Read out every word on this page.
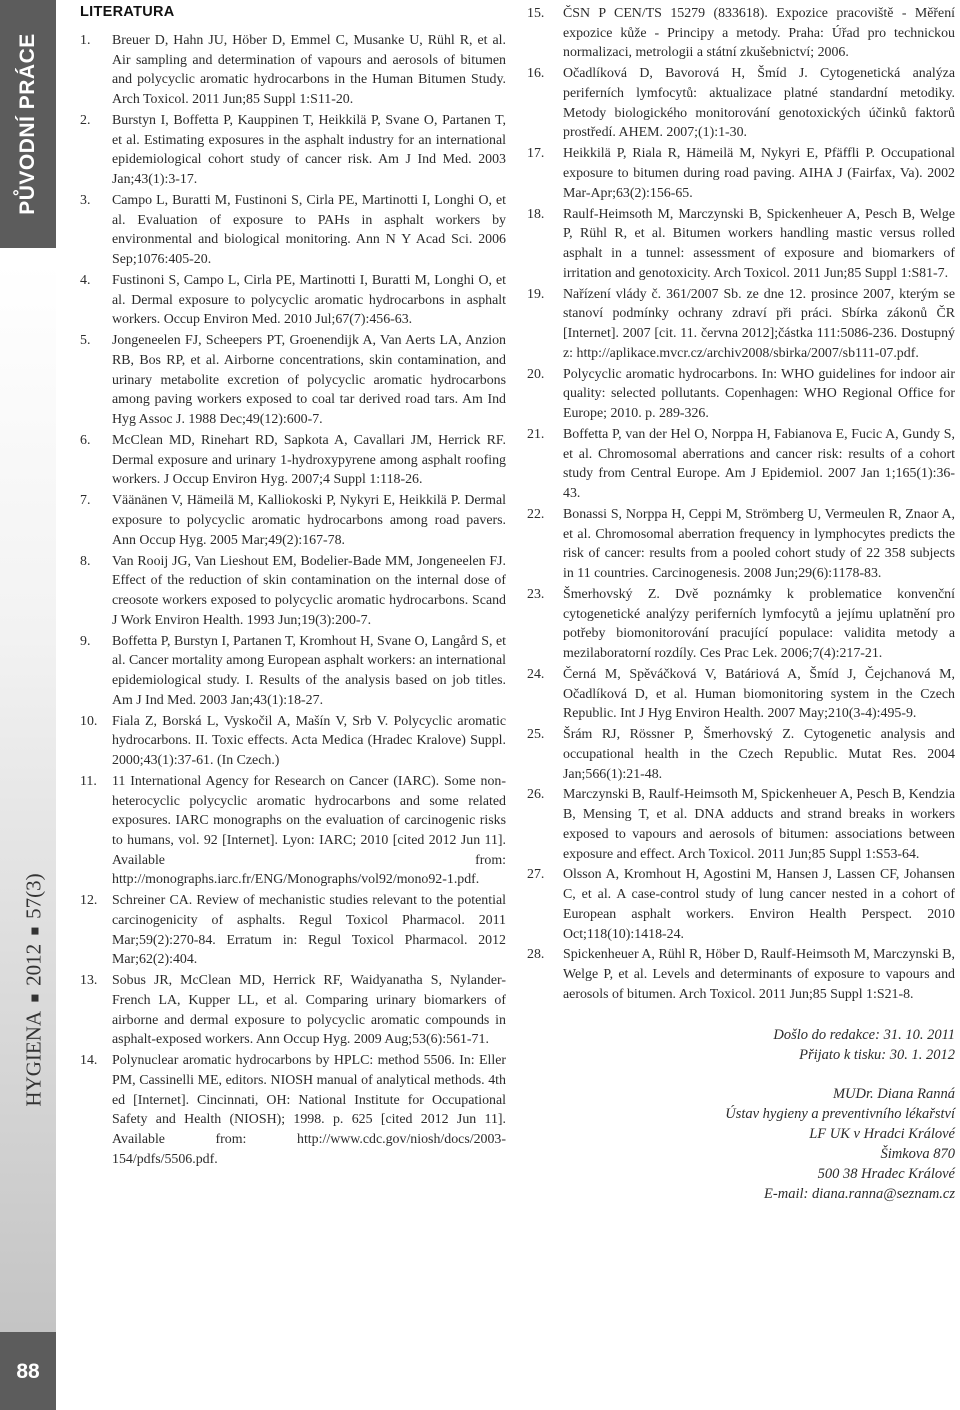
PŮVODNÍ PRÁCE
HYGIENA201257(3)
88
LITERATURA
1. Breuer D, Hahn JU, Höber D, Emmel C, Musanke U, Rühl R, et al. Air sampling and determination of vapours and aerosols of bitumen and polycyclic aromatic hydrocarbons in the Human Bitumen Study. Arch Toxicol. 2011 Jun;85 Suppl 1:S11-20.
2. Burstyn I, Boffetta P, Kauppinen T, Heikkilä P, Svane O, Partanen T, et al. Estimating exposures in the asphalt industry for an international epidemiological cohort study of cancer risk. Am J Ind Med. 2003 Jan;43(1):3-17.
3. Campo L, Buratti M, Fustinoni S, Cirla PE, Martinotti I, Longhi O, et al. Evaluation of exposure to PAHs in asphalt workers by environmental and biological monitoring. Ann N Y Acad Sci. 2006 Sep;1076:405-20.
4. Fustinoni S, Campo L, Cirla PE, Martinotti I, Buratti M, Longhi O, et al. Dermal exposure to polycyclic aromatic hydrocarbons in asphalt workers. Occup Environ Med. 2010 Jul;67(7):456-63.
5. Jongeneelen FJ, Scheepers PT, Groenendijk A, Van Aerts LA, Anzion RB, Bos RP, et al. Airborne concentrations, skin contamination, and urinary metabolite excretion of polycyclic aromatic hydrocarbons among paving workers exposed to coal tar derived road tars. Am Ind Hyg Assoc J. 1988 Dec;49(12):600-7.
6. McClean MD, Rinehart RD, Sapkota A, Cavallari JM, Herrick RF. Dermal exposure and urinary 1-hydroxypyrene among asphalt roofing workers. J Occup Environ Hyg. 2007;4 Suppl 1:118-26.
7. Väänänen V, Hämeilä M, Kalliokoski P, Nykyri E, Heikkilä P. Dermal exposure to polycyclic aromatic hydrocarbons among road pavers. Ann Occup Hyg. 2005 Mar;49(2):167-78.
8. Van Rooij JG, Van Lieshout EM, Bodelier-Bade MM, Jongeneelen FJ. Effect of the reduction of skin contamination on the internal dose of creosote workers exposed to polycyclic aromatic hydrocarbons. Scand J Work Environ Health. 1993 Jun;19(3):200-7.
9. Boffetta P, Burstyn I, Partanen T, Kromhout H, Svane O, Langård S, et al. Cancer mortality among European asphalt workers: an international epidemiological study. I. Results of the analysis based on job titles. Am J Ind Med. 2003 Jan;43(1):18-27.
10. Fiala Z, Borská L, Vyskočil A, Mašín V, Srb V. Polycyclic aromatic hydrocarbons. II. Toxic effects. Acta Medica (Hradec Kralove) Suppl. 2000;43(1):37-61. (In Czech.)
11. 11 International Agency for Research on Cancer (IARC). Some non-heterocyclic polycyclic aromatic hydrocarbons and some related exposures. IARC monographs on the evaluation of carcinogenic risks to humans, vol. 92 [Internet]. Lyon: IARC; 2010 [cited 2012 Jun 11]. Available from: http://monographs.iarc.fr/ENG/Monographs/vol92/mono92-1.pdf.
12. Schreiner CA. Review of mechanistic studies relevant to the potential carcinogenicity of asphalts. Regul Toxicol Pharmacol. 2011 Mar;59(2):270-84. Erratum in: Regul Toxicol Pharmacol. 2012 Mar;62(2):404.
13. Sobus JR, McClean MD, Herrick RF, Waidyanatha S, Nylander-French LA, Kupper LL, et al. Comparing urinary biomarkers of airborne and dermal exposure to polycyclic aromatic compounds in asphalt-exposed workers. Ann Occup Hyg. 2009 Aug;53(6):561-71.
14. Polynuclear aromatic hydrocarbons by HPLC: method 5506. In: Eller PM, Cassinelli ME, editors. NIOSH manual of analytical methods. 4th ed [Internet]. Cincinnati, OH: National Institute for Occupational Safety and Health (NIOSH); 1998. p. 625 [cited 2012 Jun 11]. Available from: http://www.cdc.gov/niosh/docs/2003-154/pdfs/5506.pdf.
15. ČSN P CEN/TS 15279 (833618). Expozice pracoviště - Měření expozice kůže - Principy a metody. Praha: Úřad pro technickou normalizaci, metrologii a státní zkušebnictví; 2006.
16. Očadlíková D, Bavorová H, Šmíd J. Cytogenetická analýza periferních lymfocytů: aktualizace platné standardní metodiky. Metody biologického monitorování genotoxických účinků faktorů prostředí. AHEM. 2007;(1):1-30.
17. Heikkilä P, Riala R, Hämeilä M, Nykyri E, Pfäffli P. Occupational exposure to bitumen during road paving. AIHA J (Fairfax, Va). 2002 Mar-Apr;63(2):156-65.
18. Raulf-Heimsoth M, Marczynski B, Spickenheuer A, Pesch B, Welge P, Rühl R, et al. Bitumen workers handling mastic versus rolled asphalt in a tunnel: assessment of exposure and biomarkers of irritation and genotoxicity. Arch Toxicol. 2011 Jun;85 Suppl 1:S81-7.
19. Nařízení vlády č. 361/2007 Sb. ze dne 12. prosince 2007, kterým se stanoví podmínky ochrany zdraví při práci. Sbírka zákonů ČR [Internet]. 2007 [cit. 11. června 2012];částka 111:5086-236. Dostupný z: http://aplikace.mvcr.cz/archiv2008/sbirka/2007/sb111-07.pdf.
20. Polycyclic aromatic hydrocarbons. In: WHO guidelines for indoor air quality: selected pollutants. Copenhagen: WHO Regional Office for Europe; 2010. p. 289-326.
21. Boffetta P, van der Hel O, Norppa H, Fabianova E, Fucic A, Gundy S, et al. Chromosomal aberrations and cancer risk: results of a cohort study from Central Europe. Am J Epidemiol. 2007 Jan 1;165(1):36-43.
22. Bonassi S, Norppa H, Ceppi M, Strömberg U, Vermeulen R, Znaor A, et al. Chromosomal aberration frequency in lymphocytes predicts the risk of cancer: results from a pooled cohort study of 22 358 subjects in 11 countries. Carcinogenesis. 2008 Jun;29(6):1178-83.
23. Šmerhovský Z. Dvě poznámky k problematice konvenční cytogenetické analýzy periferních lymfocytů a jejímu uplatnění pro potřeby biomonitorování pracující populace: validita metody a mezilaboratorní rozdíly. Ces Prac Lek. 2006;7(4):217-21.
24. Černá M, Spěváčková V, Batáriová A, Šmíd J, Čejchanová M, Očadlíková D, et al. Human biomonitoring system in the Czech Republic. Int J Hyg Environ Health. 2007 May;210(3-4):495-9.
25. Šrám RJ, Rössner P, Šmerhovský Z. Cytogenetic analysis and occupational health in the Czech Republic. Mutat Res. 2004 Jan;566(1):21-48.
26. Marczynski B, Raulf-Heimsoth M, Spickenheuer A, Pesch B, Kendzia B, Mensing T, et al. DNA adducts and strand breaks in workers exposed to vapours and aerosols of bitumen: associations between exposure and effect. Arch Toxicol. 2011 Jun;85 Suppl 1:S53-64.
27. Olsson A, Kromhout H, Agostini M, Hansen J, Lassen CF, Johansen C, et al. A case-control study of lung cancer nested in a cohort of European asphalt workers. Environ Health Perspect. 2010 Oct;118(10):1418-24.
28. Spickenheuer A, Rühl R, Höber D, Raulf-Heimsoth M, Marczynski B, Welge P, et al. Levels and determinants of exposure to vapours and aerosols of bitumen. Arch Toxicol. 2011 Jun;85 Suppl 1:S21-8.
Došlo do redakce: 31. 10. 2011
Přijato k tisku: 30. 1. 2012
MUDr. Diana Ranná
Ústav hygieny a preventivního lékařství
LF UK v Hradci Králové
Šimkova 870
500 38 Hradec Králové
E-mail: diana.ranna@seznam.cz
